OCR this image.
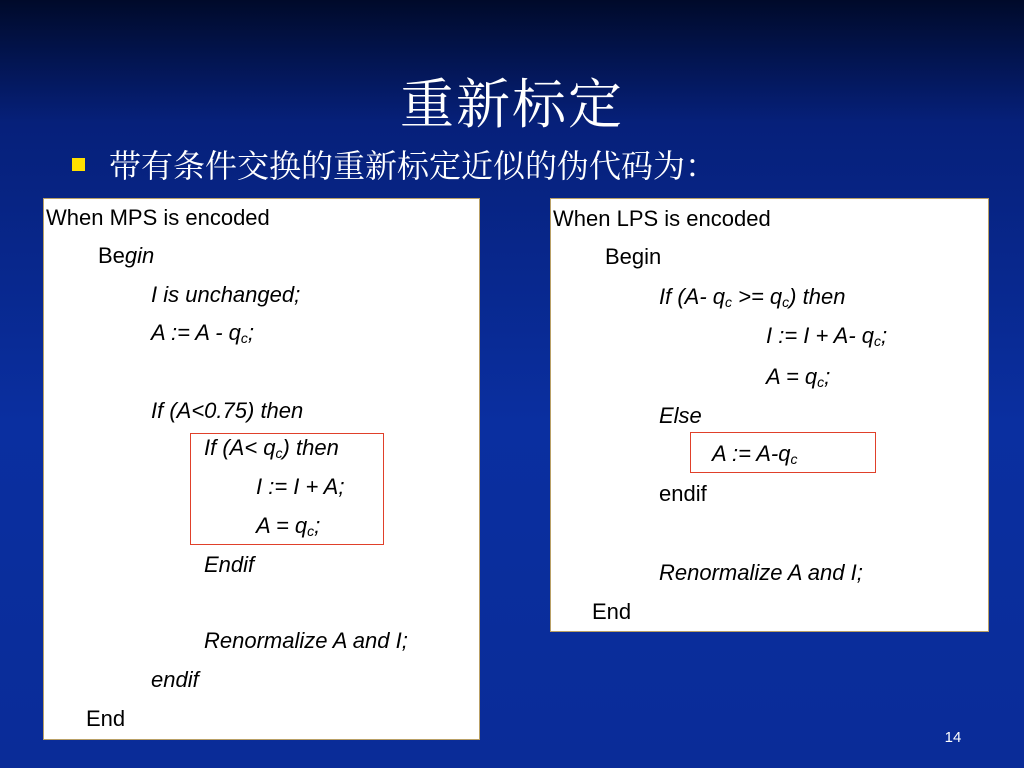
重新标定
带有条件交换的重新标定近似的伪代码为：
When MPS is encoded
Begin
I is unchanged;
A := A - $q_c$;
If (A<0.75) then
If $(A< q_c)$ then
I := I + A;
$A = q_c$;
Endif
Renormalize A and I;
endif
End
When LPS is encoded
Begin
If (A- $q_c >= q_c$) then
I := I + A- $q_c$;
$A = q_c$;
Else
A := $A-q_c$
endif
Renormalize A and I;
End
14
